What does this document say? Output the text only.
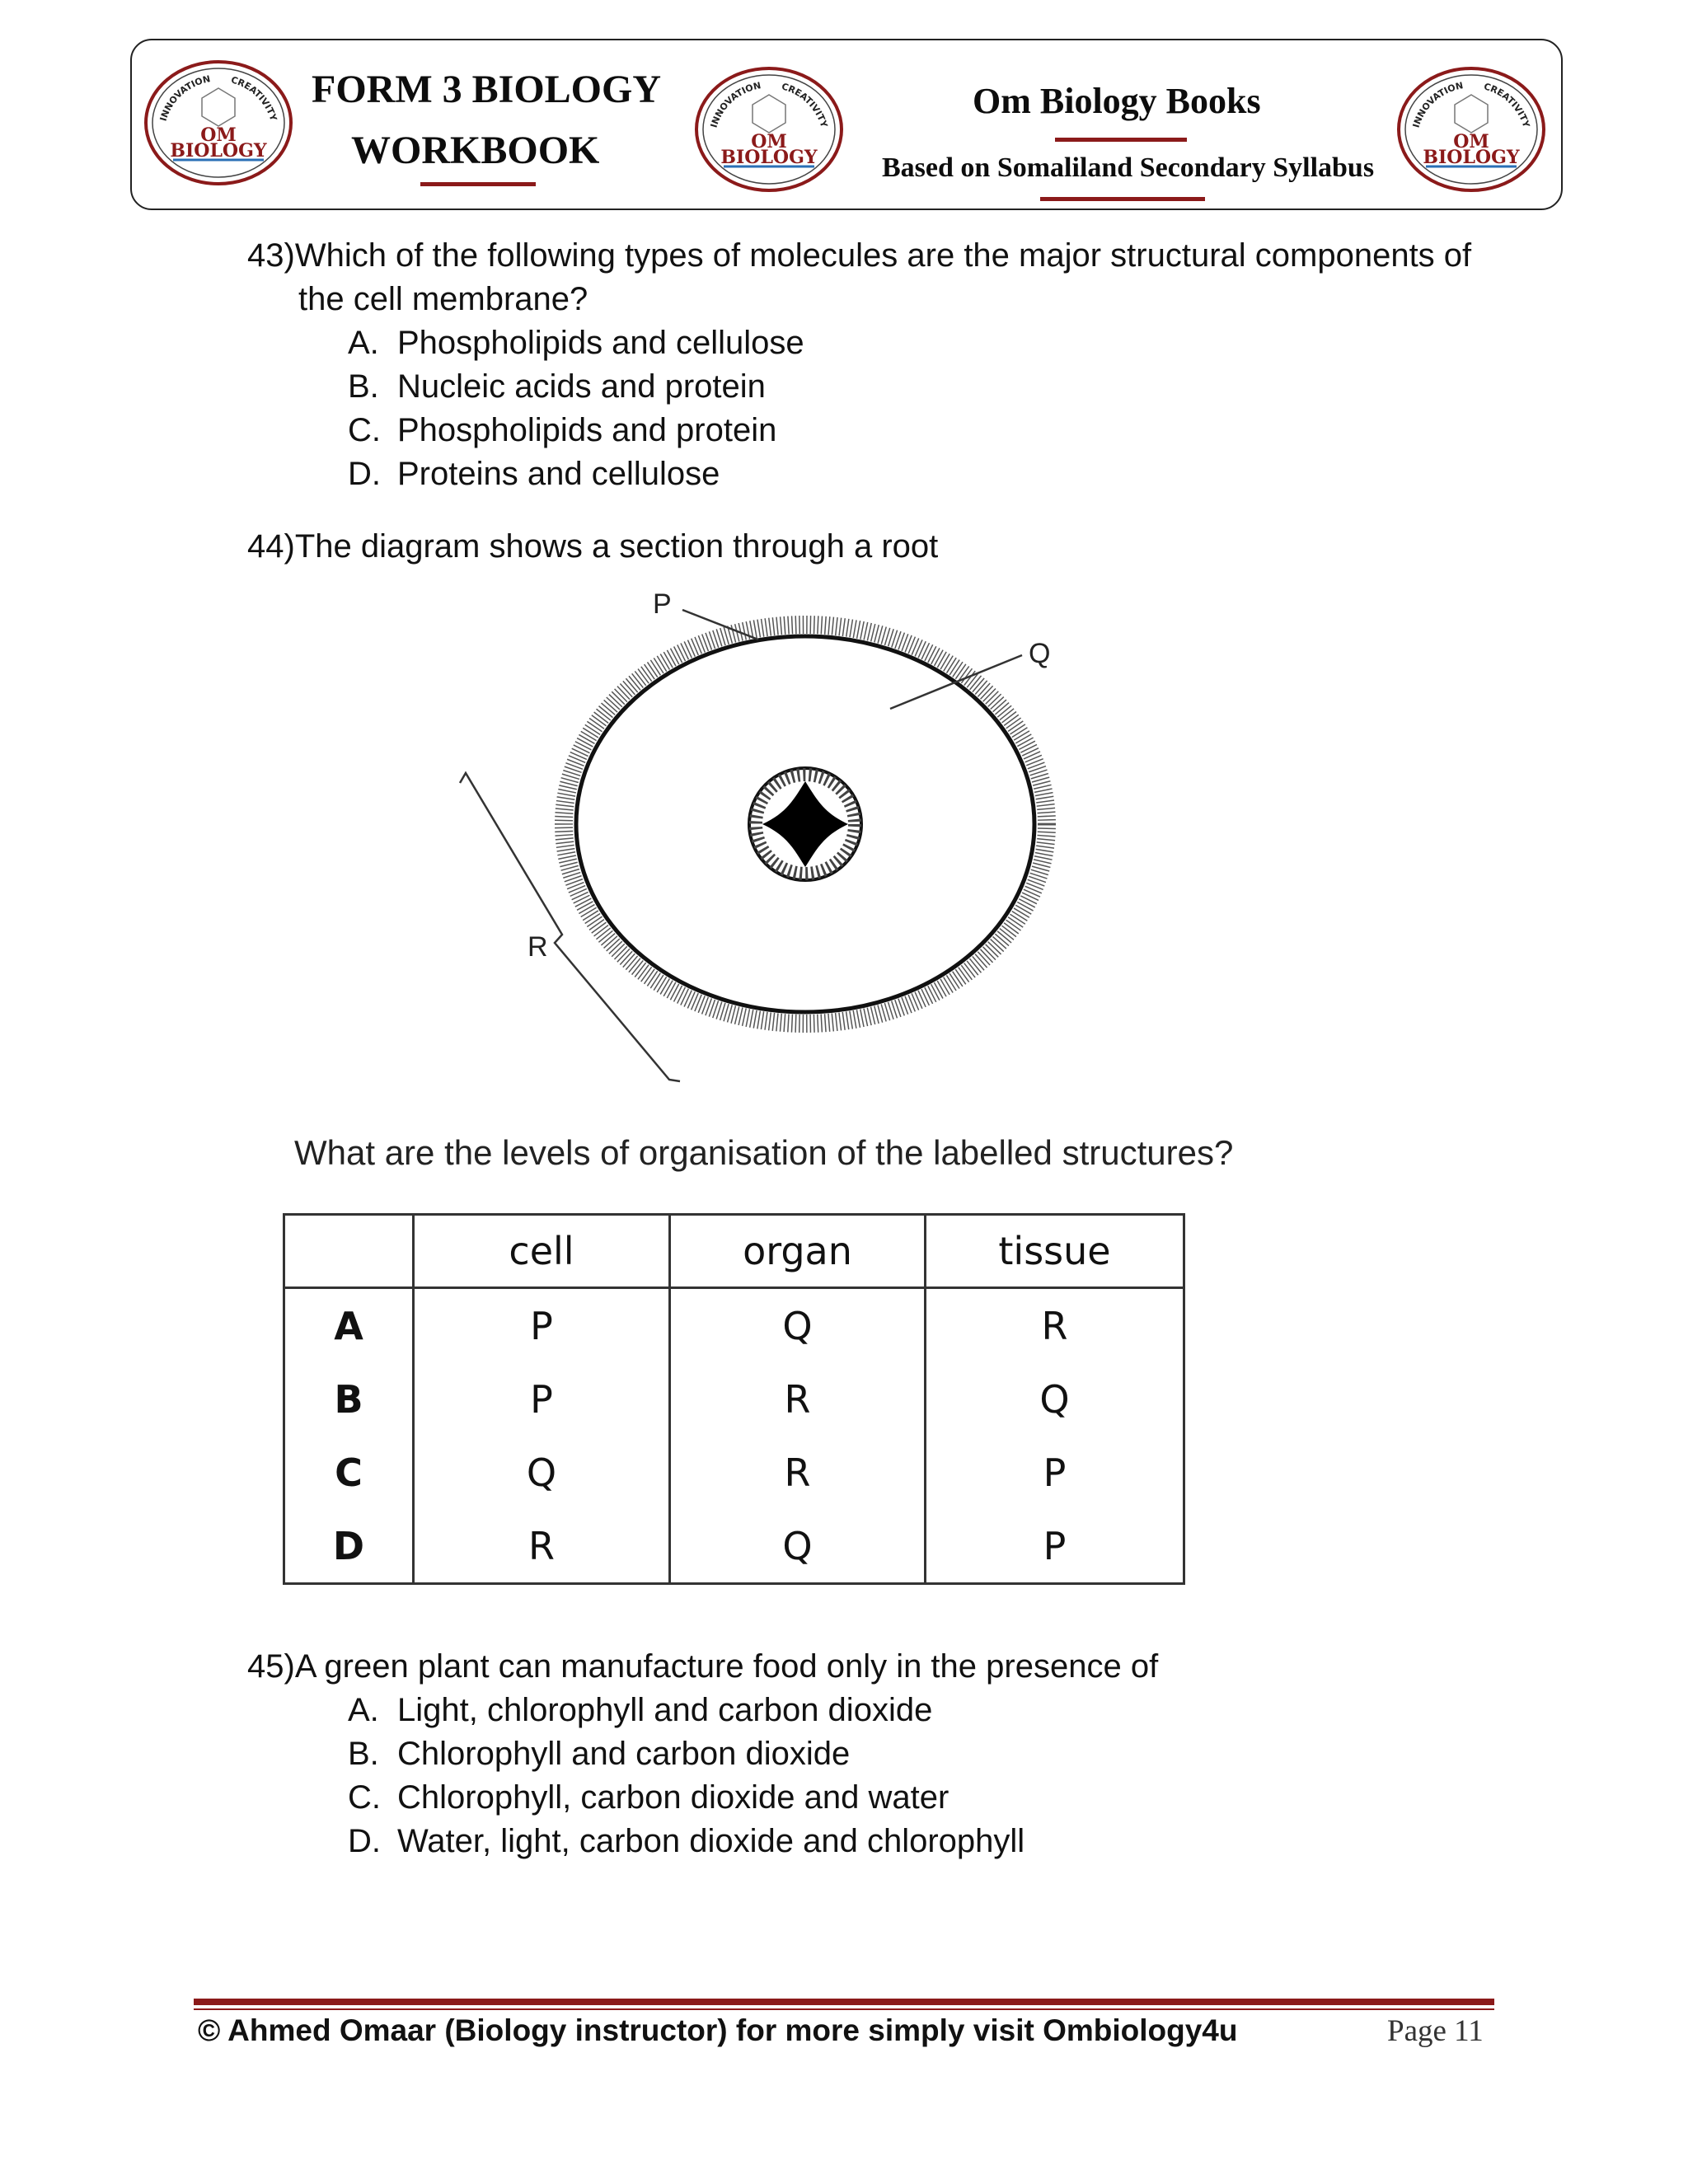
INNOVATION CREATIVITY
OM
BIOLOGY
FORM 3 BIOLOGY
WORKBOOK
INNOVATION CREATIVITY
OM
BIOLOGY
Om Biology Books
Based on Somaliland Secondary Syllabus
INNOVATION CREATIVITY
OM
BIOLOGY
43)Which of the following types of molecules are the major structural components of
the cell membrane?
A. Phospholipids and cellulose
B. Nucleic acids and protein
C. Phospholipids and protein
D. Proteins and cellulose
44)The diagram shows a section through a root
P
Q
R
What are the levels of organisation of the labelled structures?
	cell	organ	tissue
A	P	Q	R
B	P	R	Q
C	Q	R	P
D	R	Q	P
45)A green plant can manufacture food only in the presence of
A. Light, chlorophyll and carbon dioxide
B. Chlorophyll and carbon dioxide
C. Chlorophyll, carbon dioxide and water
D. Water, light, carbon dioxide and chlorophyll
© Ahmed Omaar (Biology instructor) for more simply visit Ombiology4u	Page 11
